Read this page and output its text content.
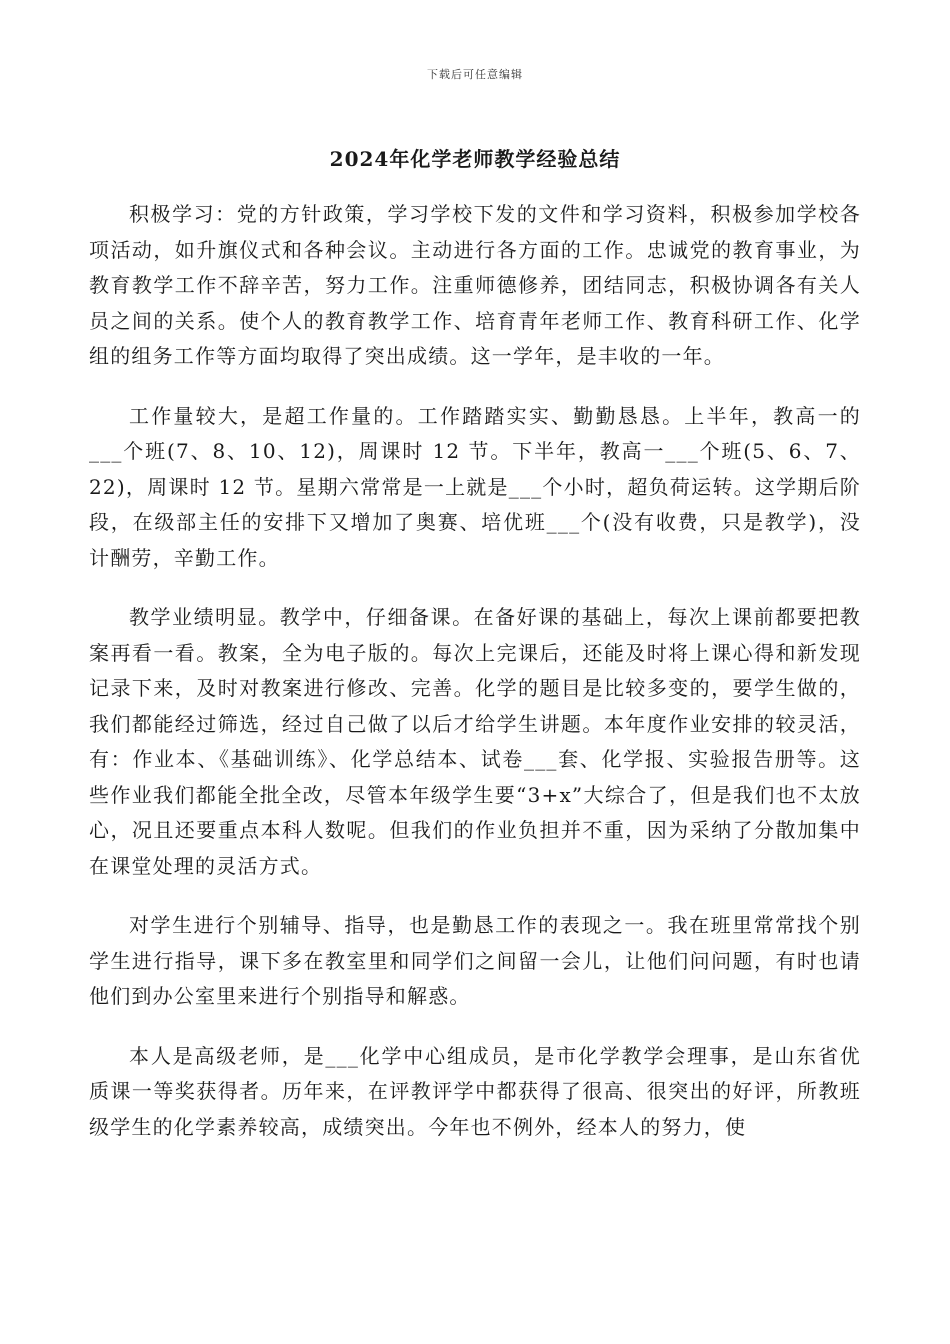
下载后可任意编辑
2024年化学老师教学经验总结

积极学习：党的方针政策，学习学校下发的文件和学习资料，积极参加学校各项活动，如升旗仪式和各种会议。主动进行各方面的工作。忠诚党的教育事业，为教育教学工作不辞辛苦，努力工作。注重师德修养，团结同志，积极协调各有关人员之间的关系。使个人的教育教学工作、培育青年老师工作、教育科研工作、化学组的组务工作等方面均取得了突出成绩。这一学年，是丰收的一年。

工作量较大，是超工作量的。工作踏踏实实、勤勤恳恳。上半年，教高一的___个班(7、8、10、12)，周课时 12 节。下半年，教高一___个班(5、6、7、22)，周课时 12 节。星期六常常是一上就是___个小时，超负荷运转。这学期后阶段，在级部主任的安排下又增加了奥赛、培优班___个(没有收费，只是教学)，没计酬劳，辛勤工作。

教学业绩明显。教学中，仔细备课。在备好课的基础上，每次上课前都要把教案再看一看。教案，全为电子版的。每次上完课后，还能及时将上课心得和新发现记录下来，及时对教案进行修改、完善。化学的题目是比较多变的，要学生做的，我们都能经过筛选，经过自己做了以后才给学生讲题。本年度作业安排的较灵活，有：作业本、《基础训练》、化学总结本、试卷___套、化学报、实验报告册等。这些作业我们都能全批全改，尽管本年级学生要“3+x”大综合了，但是我们也不太放心，况且还要重点本科人数呢。但我们的作业负担并不重，因为采纳了分散加集中在课堂处理的灵活方式。

对学生进行个别辅导、指导，也是勤恳工作的表现之一。我在班里常常找个别学生进行指导，课下多在教室里和同学们之间留一会儿，让他们问问题，有时也请他们到办公室里来进行个别指导和解惑。

本人是高级老师，是___化学中心组成员，是市化学教学会理事，是山东省优质课一等奖获得者。历年来，在评教评学中都获得了很高、很突出的好评，所教班级学生的化学素养较高，成绩突出。今年也不例外，经本人的努力，使
